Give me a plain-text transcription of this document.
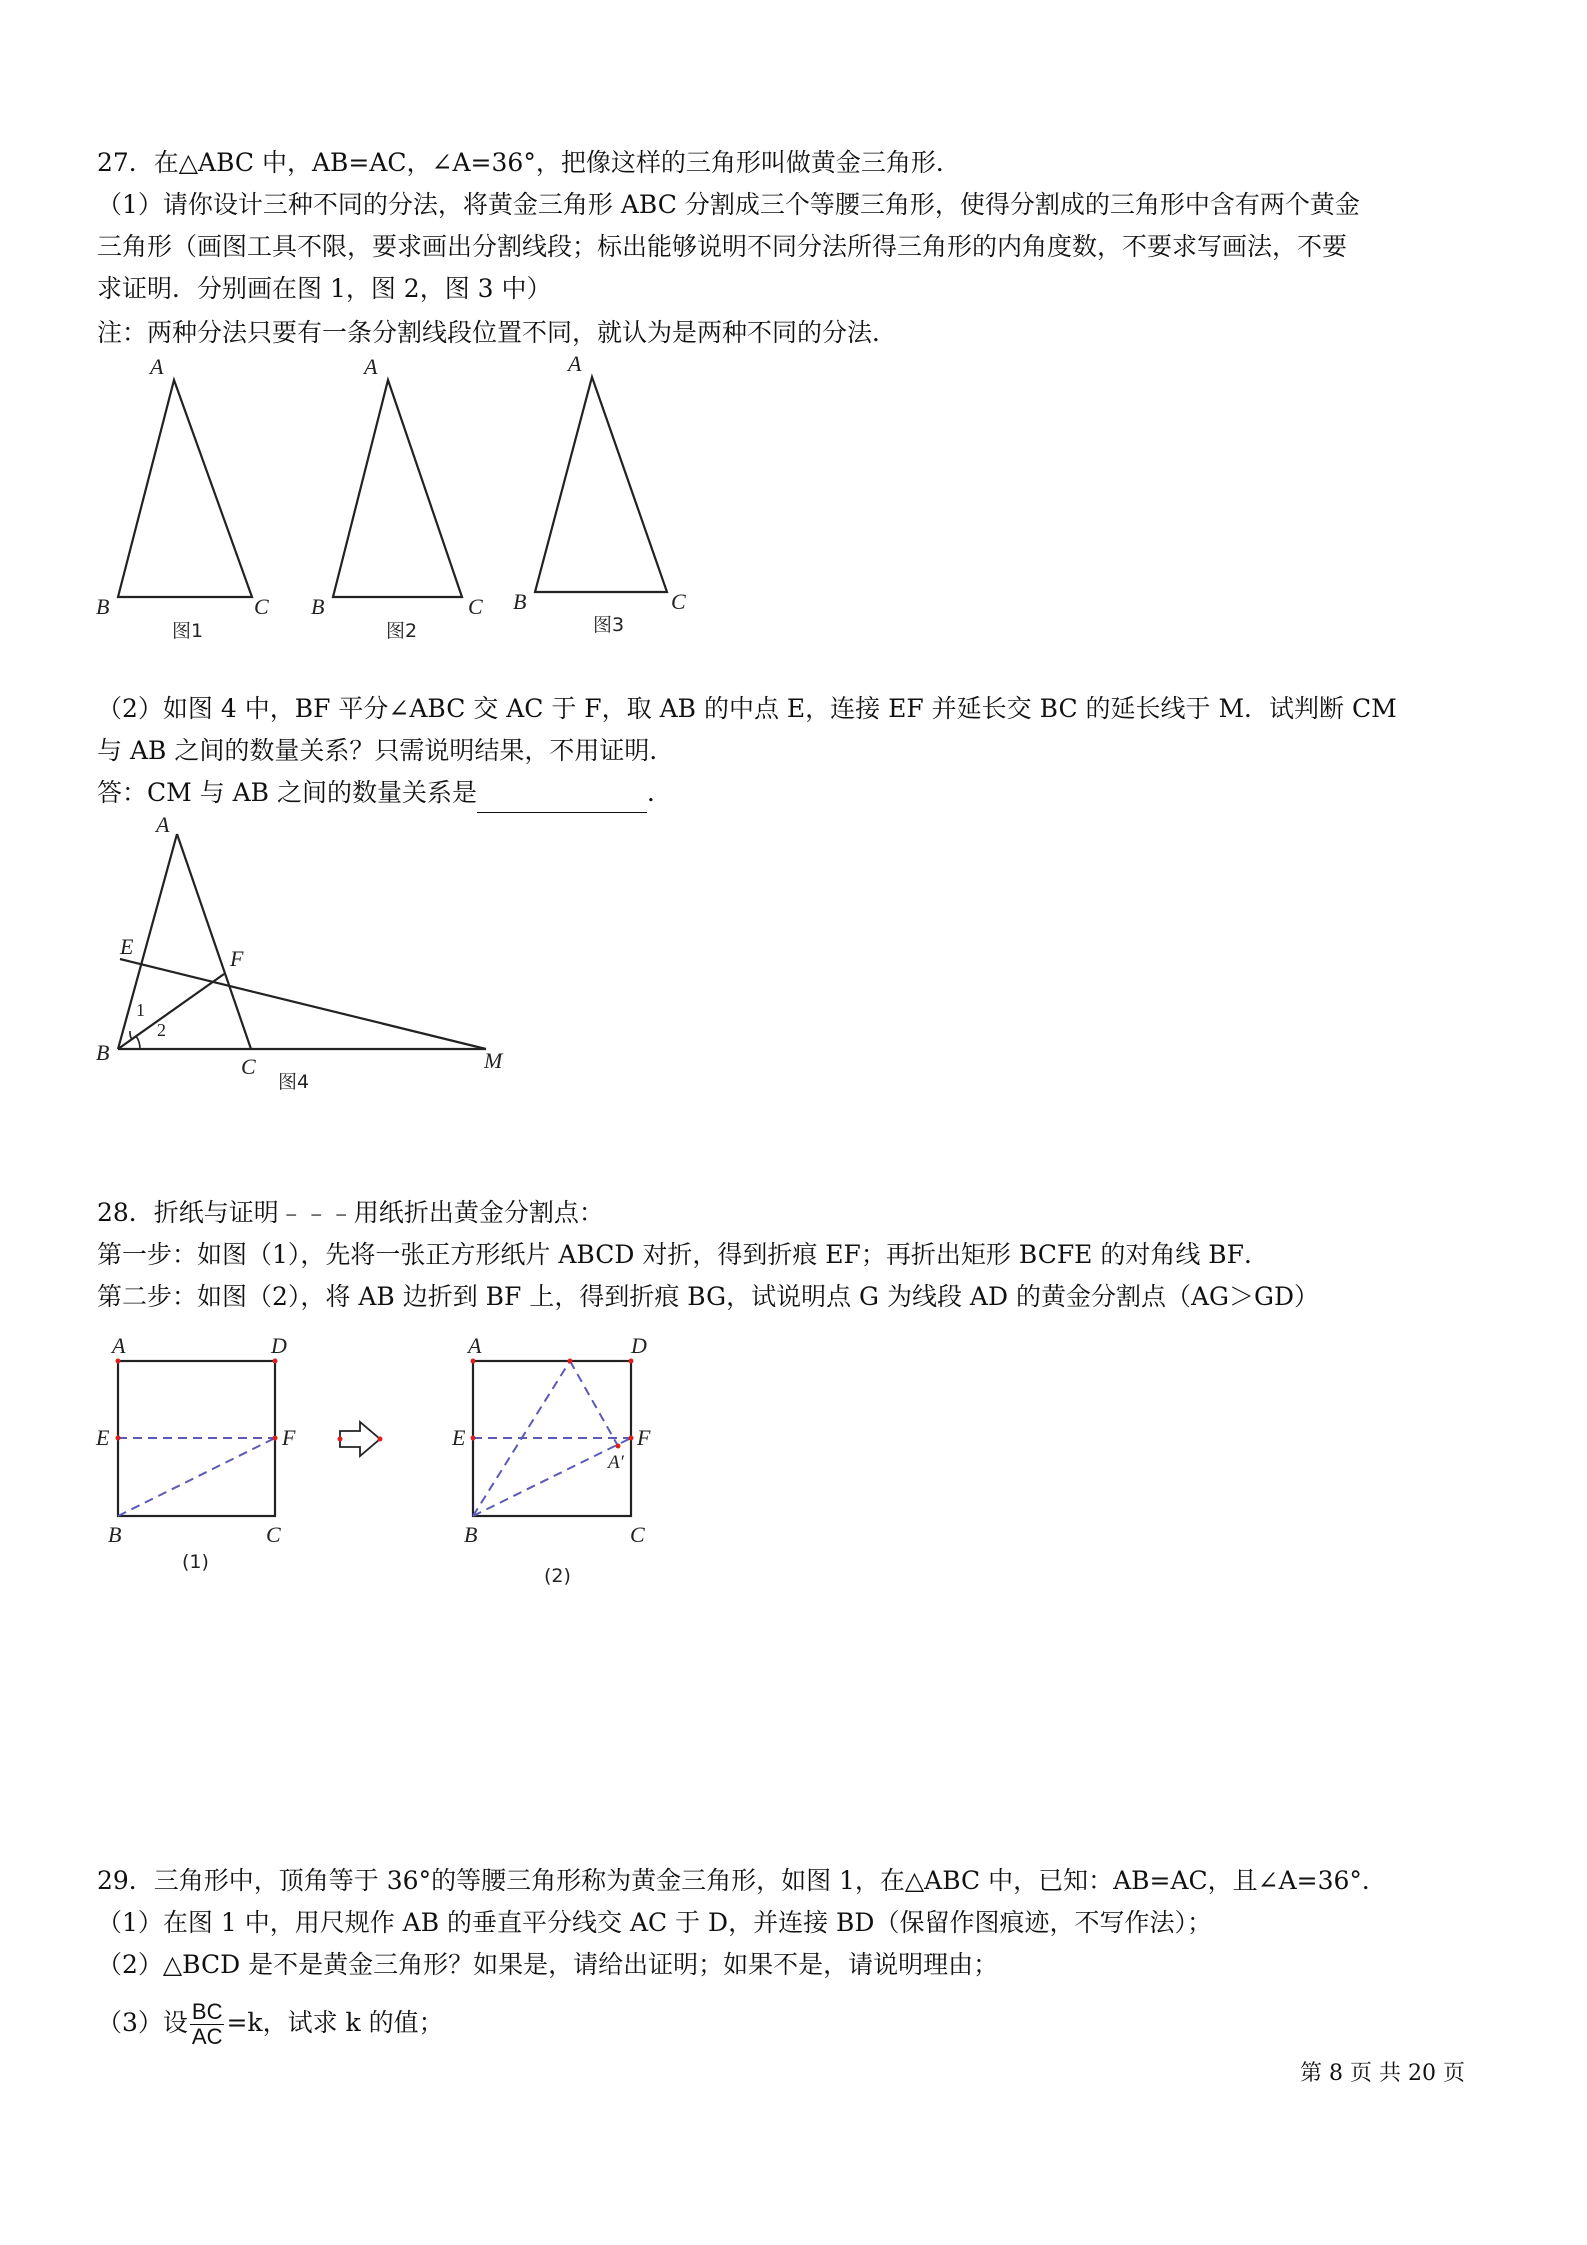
27．在△ABC 中，AB=AC，∠A=36°，把像这样的三角形叫做黄金三角形．
（1）请你设计三种不同的分法，将黄金三角形 ABC 分割成三个等腰三角形，使得分割成的三角形中含有两个黄金
三角形（画图工具不限，要求画出分割线段；标出能够说明不同分法所得三角形的内角度数，不要求写画法，不要
求证明．分别画在图 1，图 2，图 3 中）
注：两种分法只要有一条分割线段位置不同，就认为是两种不同的分法．
A
B	C
图1
A
B	C
图2
A
B	C
图3
（2）如图 4 中，BF 平分∠ABC 交 AC 于 F，取 AB 的中点 E，连接 EF 并延长交 BC 的延长线于 M．试判断 CM
与 AB 之间的数量关系？只需说明结果，不用证明．
答：CM 与 AB 之间的数量关系是	．
A
E	F
B
C	M
1
2
图4
28．折纸与证明﹣﹣﹣用纸折出黄金分割点：
第一步：如图（1），先将一张正方形纸片 ABCD 对折，得到折痕 EF；再折出矩形 BCFE 的对角线 BF．
第二步：如图（2），将 AB 边折到 BF 上，得到折痕 BG，试说明点 G 为线段 AD 的黄金分割点（AG＞GD）
A	D
E	F
B	C
(1)
A	D
E	F
A′
B	C
(2)
29．三角形中，顶角等于 36°的等腰三角形称为黄金三角形，如图 1，在△ABC 中，已知：AB=AC，且∠A=36°．
（1）在图 1 中，用尺规作 AB 的垂直平分线交 AC 于 D，并连接 BD（保留作图痕迹，不写作法）；
（2）△BCD 是不是黄金三角形？如果是，请给出证明；如果不是，请说明理由；
（3）设 $\frac{BC}{AC} =k$，试求 k 的值；
第 8 页 共 20 页
